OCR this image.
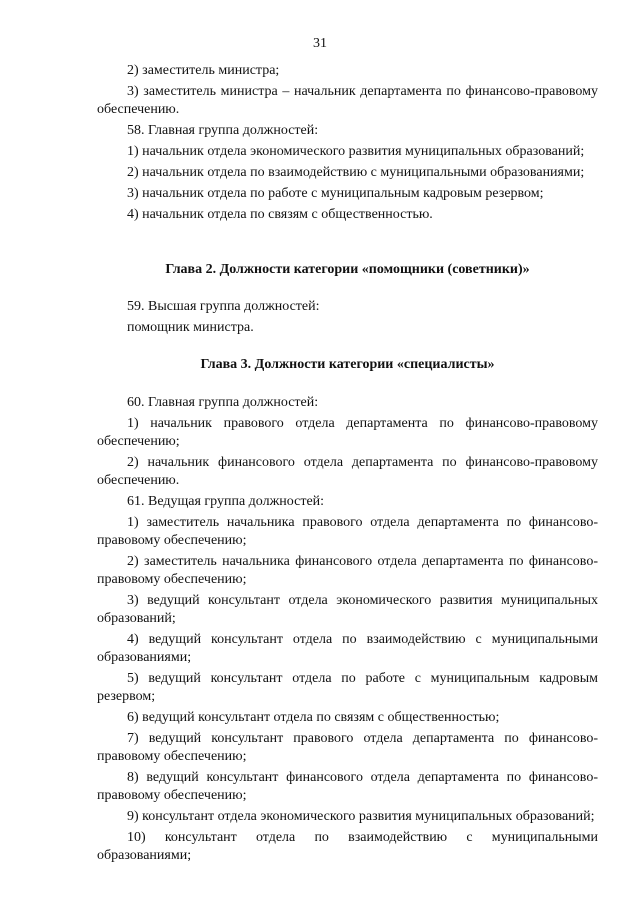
31

2) заместитель министра;

3) заместитель министра – начальник департамента по финансово-правовому обеспечению.

58. Главная группа должностей:

1) начальник отдела экономического развития муниципальных образований;

2) начальник отдела по взаимодействию с муниципальными образованиями;

3) начальник отдела по работе с муниципальным кадровым резервом;

4) начальник отдела по связям с общественностью.

Глава 2. Должности категории «помощники (советники)»

59. Высшая группа должностей:

помощник министра.

Глава 3. Должности категории «специалисты»

60. Главная группа должностей:

1) начальник правового отдела департамента по финансово-правовому обеспечению;

2) начальник финансового отдела департамента по финансово-правовому обеспечению.

61. Ведущая группа должностей:

1) заместитель начальника правового отдела департамента по финансово-правовому обеспечению;

2) заместитель начальника финансового отдела департамента по финансово-правовому обеспечению;

3) ведущий консультант отдела экономического развития муниципальных образований;

4) ведущий консультант отдела по взаимодействию с муниципальными образованиями;

5) ведущий консультант отдела по работе с муниципальным кадровым резервом;

6) ведущий консультант отдела по связям с общественностью;

7) ведущий консультант правового отдела департамента по финансово-правовому обеспечению;

8) ведущий консультант финансового отдела департамента по финансово-правовому обеспечению;

9) консультант отдела экономического развития муниципальных образований;

10) консультант отдела по взаимодействию с муниципальными образованиями;
